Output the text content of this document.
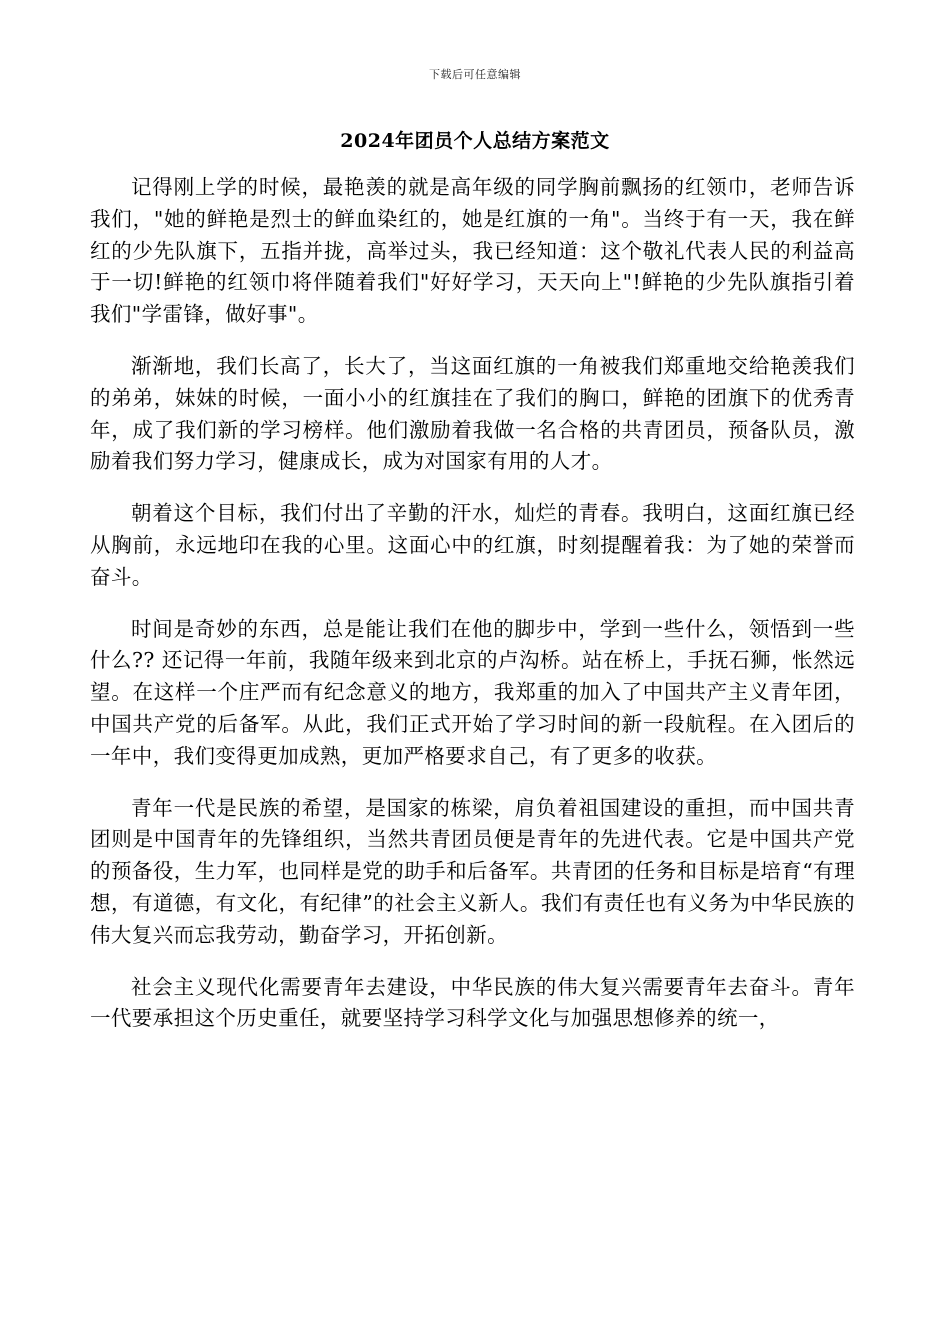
下载后可任意编辑
2024年团员个人总结方案范文

记得刚上学的时候，最艳羡的就是高年级的同学胸前飘扬的红领巾，老师告诉我们，"她的鲜艳是烈士的鲜血染红的，她是红旗的一角"。当终于有一天，我在鲜红的少先队旗下，五指并拢，高举过头，我已经知道：这个敬礼代表人民的利益高于一切!鲜艳的红领巾将伴随着我们"好好学习，天天向上"!鲜艳的少先队旗指引着我们"学雷锋，做好事"。

渐渐地，我们长高了，长大了，当这面红旗的一角被我们郑重地交给艳羡我们的弟弟，妹妹的时候，一面小小的红旗挂在了我们的胸口，鲜艳的团旗下的优秀青年，成了我们新的学习榜样。他们激励着我做一名合格的共青团员，预备队员，激励着我们努力学习，健康成长，成为对国家有用的人才。

朝着这个目标，我们付出了辛勤的汗水，灿烂的青春。我明白，这面红旗已经从胸前，永远地印在我的心里。这面心中的红旗，时刻提醒着我：为了她的荣誉而奋斗。

时间是奇妙的东西，总是能让我们在他的脚步中，学到一些什么，领悟到一些什么?? 还记得一年前，我随年级来到北京的卢沟桥。站在桥上，手抚石狮，怅然远望。在这样一个庄严而有纪念意义的地方，我郑重的加入了中国共产主义青年团，中国共产党的后备军。从此，我们正式开始了学习时间的新一段航程。在入团后的一年中，我们变得更加成熟，更加严格要求自己，有了更多的收获。

青年一代是民族的希望，是国家的栋梁，肩负着祖国建设的重担，而中国共青团则是中国青年的先锋组织，当然共青团员便是青年的先进代表。它是中国共产党的预备役，生力军，也同样是党的助手和后备军。共青团的任务和目标是培育“有理想，有道德，有文化，有纪律”的社会主义新人。我们有责任也有义务为中华民族的伟大复兴而忘我劳动，勤奋学习，开拓创新。

社会主义现代化需要青年去建设，中华民族的伟大复兴需要青年去奋斗。青年一代要承担这个历史重任，就要坚持学习科学文化与加强思想修养的统一，
